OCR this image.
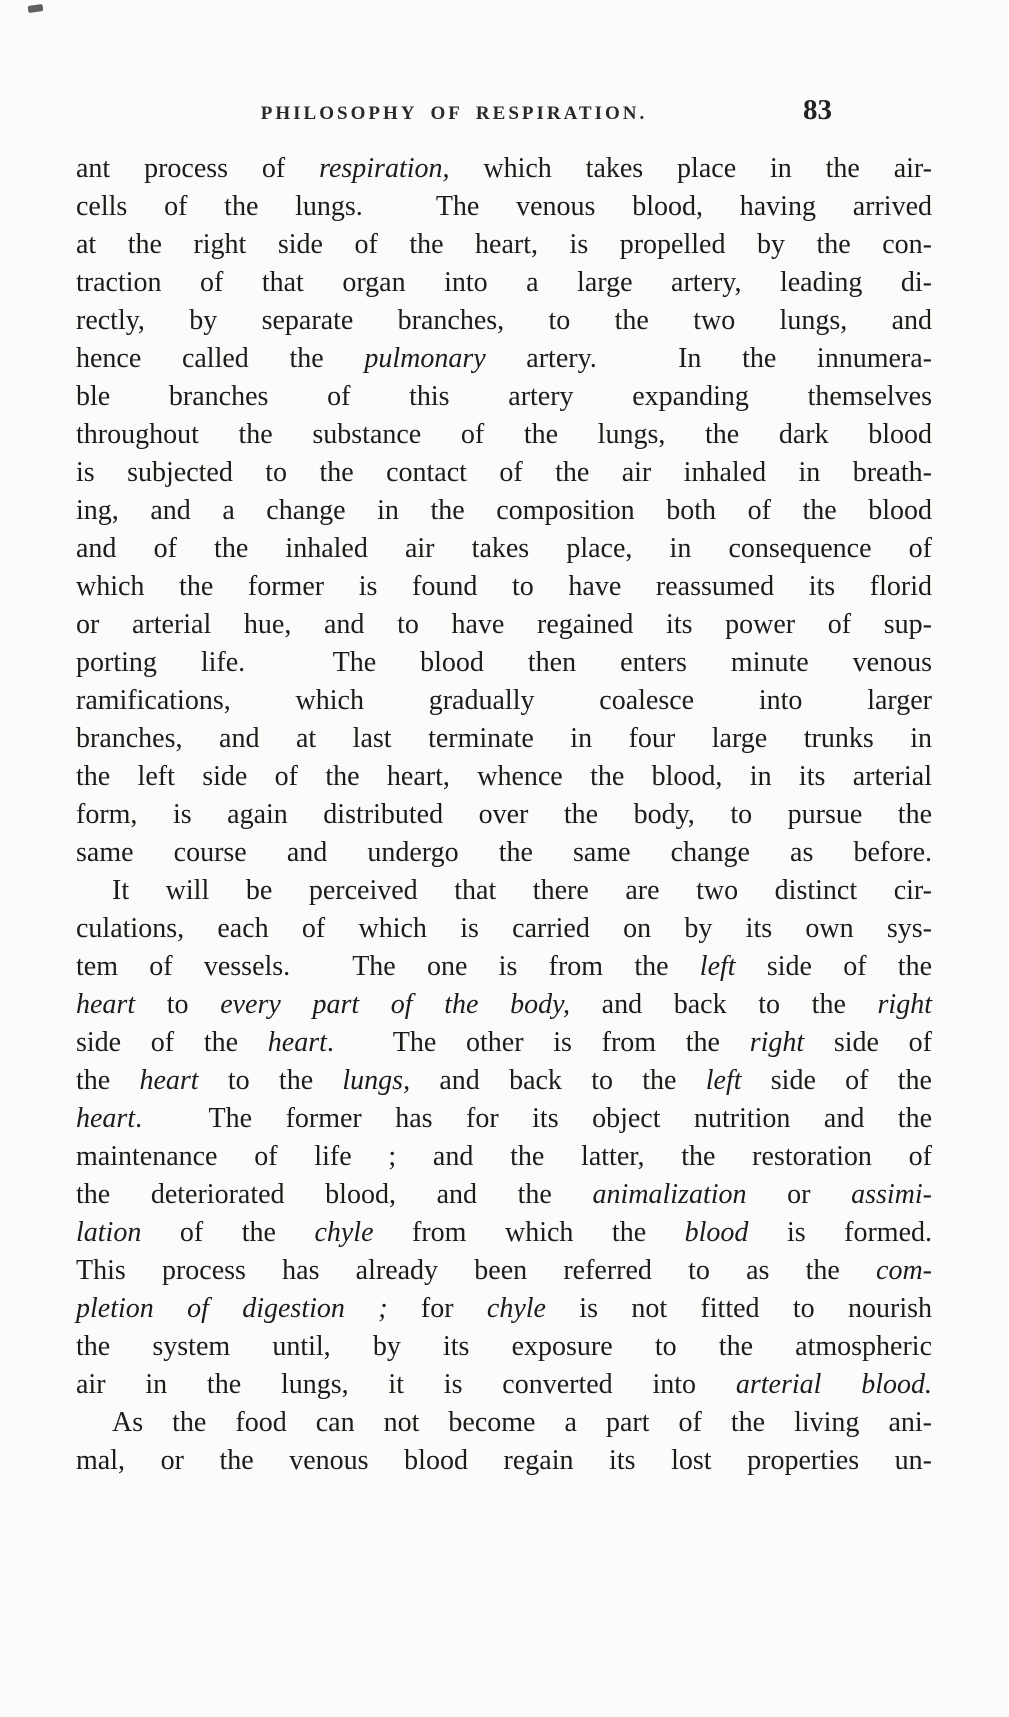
PHILOSOPHY OF RESPIRATION.	83
ant process of respiration, which takes place in the air-
cells of the lungs.  The venous blood, having arrived
at the right side of the heart, is propelled by the con-
traction of that organ into a large artery, leading di-
rectly, by separate branches, to the two lungs, and
hence called the pulmonary artery.  In the innumera-
ble branches of this artery expanding themselves
throughout the substance of the lungs, the dark blood
is subjected to the contact of the air inhaled in breath-
ing, and a change in the composition both of the blood
and of the inhaled air takes place, in consequence of
which the former is found to have reassumed its florid
or arterial hue, and to have regained its power of sup-
porting life.  The blood then enters minute venous
ramifications, which gradually coalesce into larger
branches, and at last terminate in four large trunks in
the left side of the heart, whence the blood, in its arterial
form, is again distributed over the body, to pursue the
same course and undergo the same change as before.
It will be perceived that there are two distinct cir-
culations, each of which is carried on by its own sys-
tem of vessels.  The one is from the left side of the
heart to every part of the body, and back to the right
side of the heart.  The other is from the right side of
the heart to the lungs, and back to the left side of the
heart.  The former has for its object nutrition and the
maintenance of life ; and the latter, the restoration of
the deteriorated blood, and the animalization or assimi-
lation of the chyle from which the blood is formed.
This process has already been referred to as the com-
pletion of digestion ; for chyle is not fitted to nourish
the system until, by its exposure to the atmospheric
air in the lungs, it is converted into arterial blood.
As the food can not become a part of the living ani-
mal, or the venous blood regain its lost properties un-
